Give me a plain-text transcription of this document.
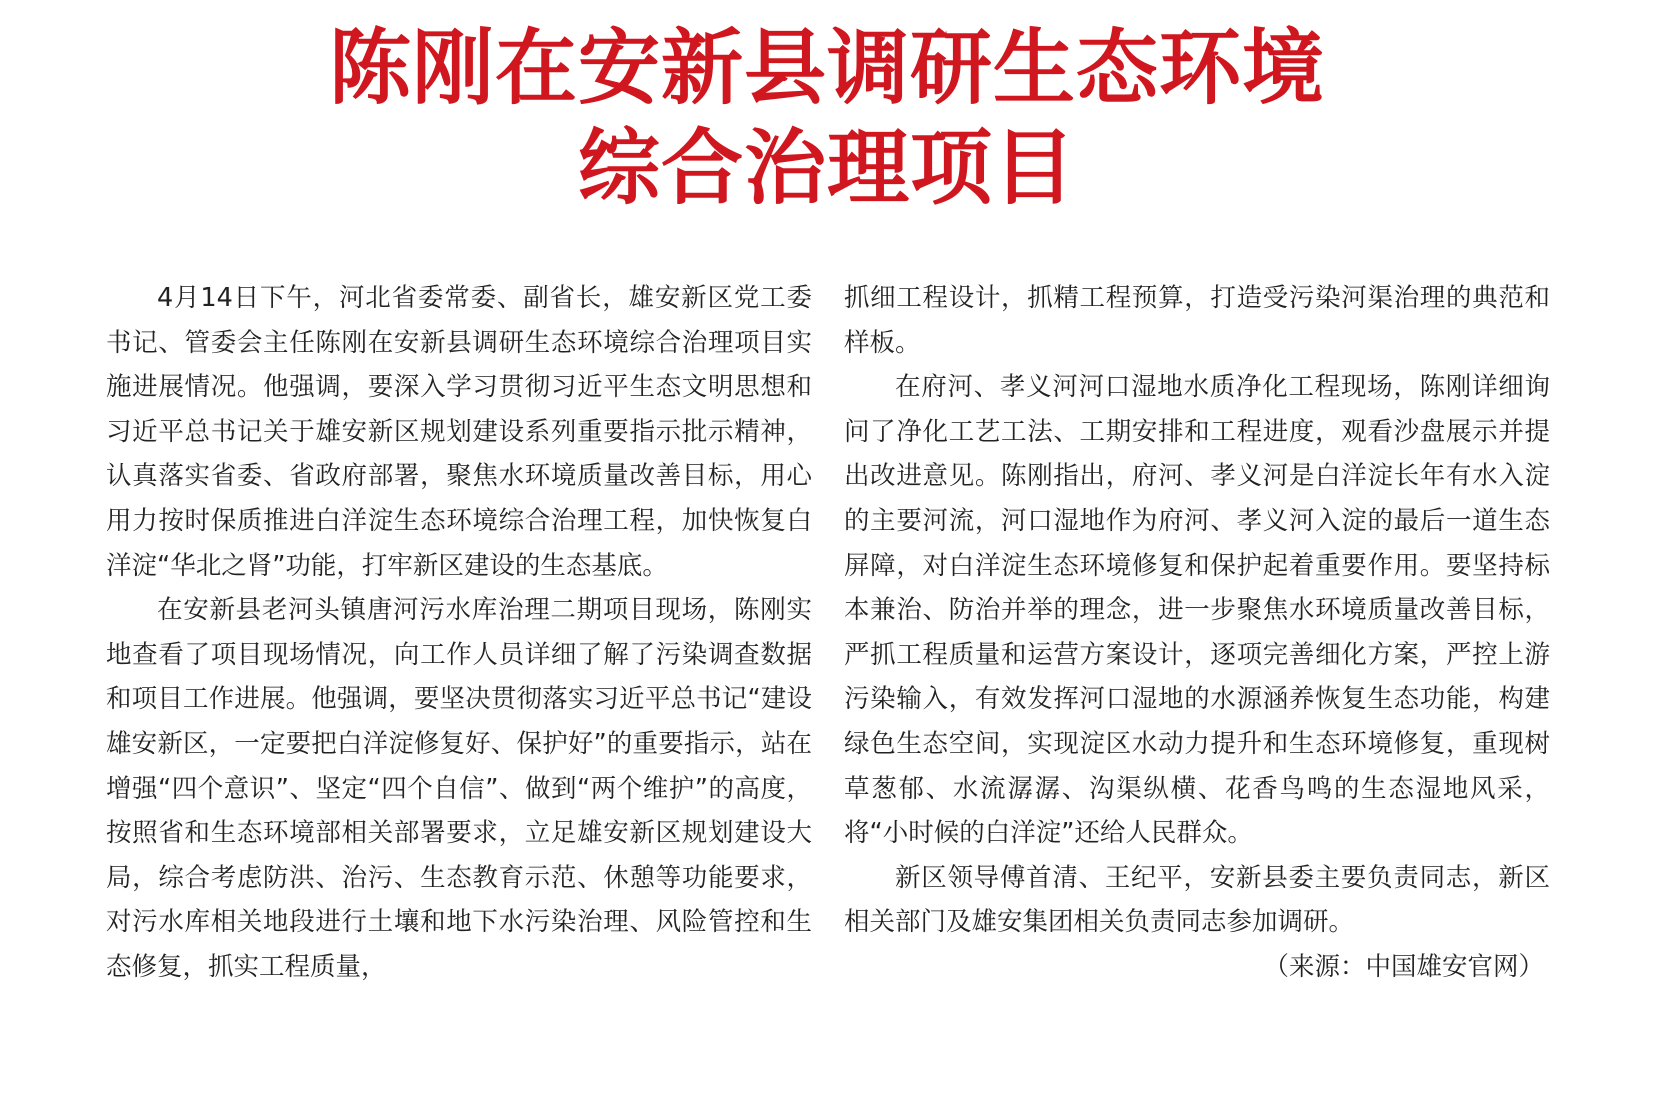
陈刚在安新县调研生态环境
综合治理项目

4月14日下午，河北省委常委、副省长，雄安新区党工委书记、管委会主任陈刚在安新县调研生态环境综合治理项目实施进展情况。他强调，要深入学习贯彻习近平生态文明思想和习近平总书记关于雄安新区规划建设系列重要指示批示精神，认真落实省委、省政府部署，聚焦水环境质量改善目标，用心用力按时保质推进白洋淀生态环境综合治理工程，加快恢复白洋淀“华北之肾”功能，打牢新区建设的生态基底。

在安新县老河头镇唐河污水库治理二期项目现场，陈刚实地查看了项目现场情况，向工作人员详细了解了污染调查数据和项目工作进展。他强调，要坚决贯彻落实习近平总书记“建设雄安新区，一定要把白洋淀修复好、保护好”的重要指示，站在增强“四个意识”、坚定“四个自信”、做到“两个维护”的高度，按照省和生态环境部相关部署要求，立足雄安新区规划建设大局，综合考虑防洪、治污、生态教育示范、休憩等功能要求，对污水库相关地段进行土壤和地下水污染治理、风险管控和生态修复，抓实工程质量，

抓细工程设计，抓精工程预算，打造受污染河渠治理的典范和样板。

在府河、孝义河河口湿地水质净化工程现场，陈刚详细询问了净化工艺工法、工期安排和工程进度，观看沙盘展示并提出改进意见。陈刚指出，府河、孝义河是白洋淀长年有水入淀的主要河流，河口湿地作为府河、孝义河入淀的最后一道生态屏障，对白洋淀生态环境修复和保护起着重要作用。要坚持标本兼治、防治并举的理念，进一步聚焦水环境质量改善目标，严抓工程质量和运营方案设计，逐项完善细化方案，严控上游污染输入，有效发挥河口湿地的水源涵养恢复生态功能，构建绿色生态空间，实现淀区水动力提升和生态环境修复，重现树草葱郁、水流潺潺、沟渠纵横、花香鸟鸣的生态湿地风采，将“小时候的白洋淀”还给人民群众。

新区领导傅首清、王纪平，安新县委主要负责同志，新区相关部门及雄安集团相关负责同志参加调研。

（来源：中国雄安官网）
